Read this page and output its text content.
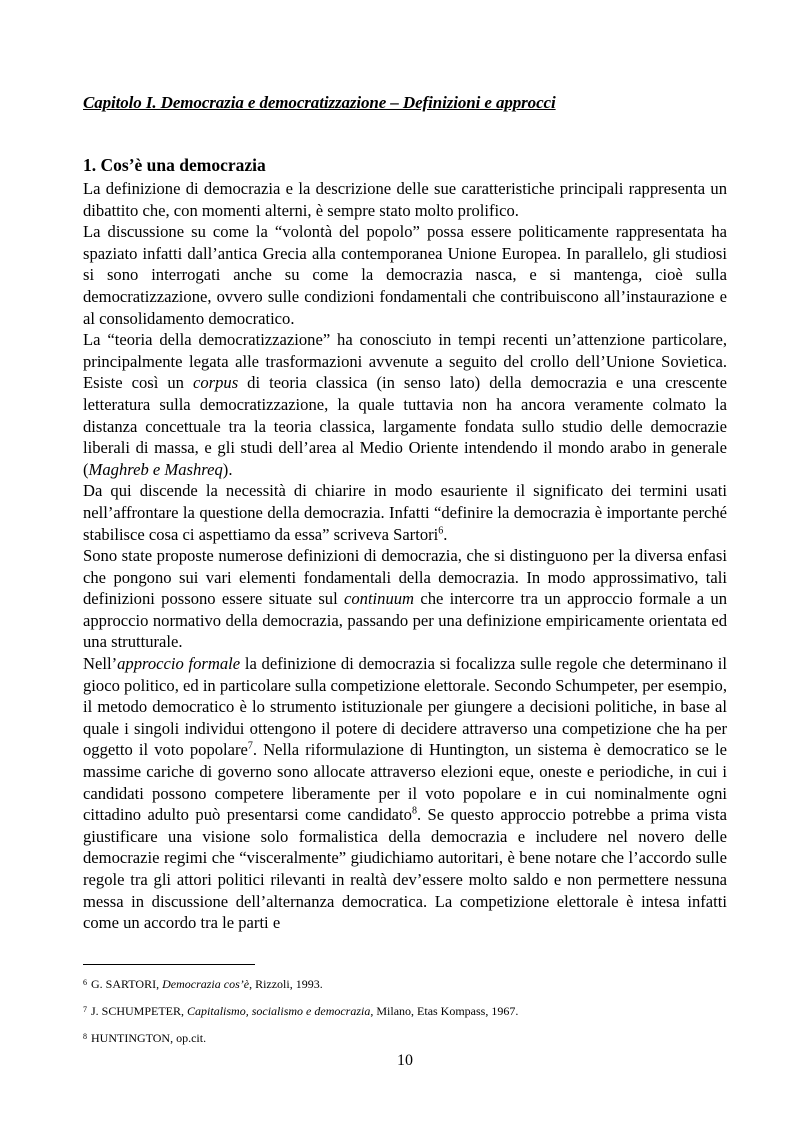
Capitolo I. Democrazia e democratizzazione – Definizioni e approcci
1. Cos’è una democrazia

La definizione di democrazia e la descrizione delle sue caratteristiche principali rappresenta un dibattito che, con momenti alterni, è sempre stato molto prolifico.

La discussione su come la “volontà del popolo” possa essere politicamente rappresentata ha spaziato infatti dall’antica Grecia alla contemporanea Unione Europea. In parallelo, gli studiosi si sono interrogati anche su come la democrazia nasca, e si mantenga, cioè sulla democratizzazione, ovvero sulle condizioni fondamentali che contribuiscono all’instaurazione e al consolidamento democratico.

La “teoria della democratizzazione” ha conosciuto in tempi recenti un’attenzione particolare, principalmente legata alle trasformazioni avvenute a seguito del crollo dell’Unione Sovietica. Esiste così un corpus di teoria classica (in senso lato) della democrazia e una crescente letteratura sulla democratizzazione, la quale tuttavia non ha ancora veramente colmato la distanza concettuale tra la teoria classica, largamente fondata sullo studio delle democrazie liberali di massa, e gli studi dell’area al Medio Oriente intendendo il mondo arabo in generale (Maghreb e Mashreq).

Da qui discende la necessità di chiarire in modo esauriente il significato dei termini usati nell’affrontare la questione della democrazia. Infatti “definire la democrazia è importante perché stabilisce cosa ci aspettiamo da essa” scriveva Sartori$^6$.

Sono state proposte numerose definizioni di democrazia, che si distinguono per la diversa enfasi che pongono sui vari elementi fondamentali della democrazia. In modo approssimativo, tali definizioni possono essere situate sul continuum che intercorre tra un approccio formale a un approccio normativo della democrazia, passando per una definizione empiricamente orientata ed una strutturale.

Nell’approccio formale la definizione di democrazia si focalizza sulle regole che determinano il gioco politico, ed in particolare sulla competizione elettorale. Secondo Schumpeter, per esempio, il metodo democratico è lo strumento istituzionale per giungere a decisioni politiche, in base al quale i singoli individui ottengono il potere di decidere attraverso una competizione che ha per oggetto il voto popolare$^7$. Nella riformulazione di Huntington, un sistema è democratico se le massime cariche di governo sono allocate attraverso elezioni eque, oneste e periodiche, in cui i candidati possono competere liberamente per il voto popolare e in cui nominalmente ogni cittadino adulto può presentarsi come candidato$^8$. Se questo approccio potrebbe a prima vista giustificare una visione solo formalistica della democrazia e includere nel novero delle democrazie regimi che “visceralmente” giudichiamo autoritari, è bene notare che l’accordo sulle regole tra gli attori politici rilevanti in realtà dev’essere molto saldo e non permettere nessuna messa in discussione dell’alternanza democratica. La competizione elettorale è intesa infatti come un accordo tra le parti e

$^6$ G. SARTORI, Democrazia cos’è, Rizzoli, 1993.
$^7$ J. SCHUMPETER, Capitalismo, socialismo e democrazia, Milano, Etas Kompass, 1967.
$^8$ HUNTINGTON, op.cit.
10
